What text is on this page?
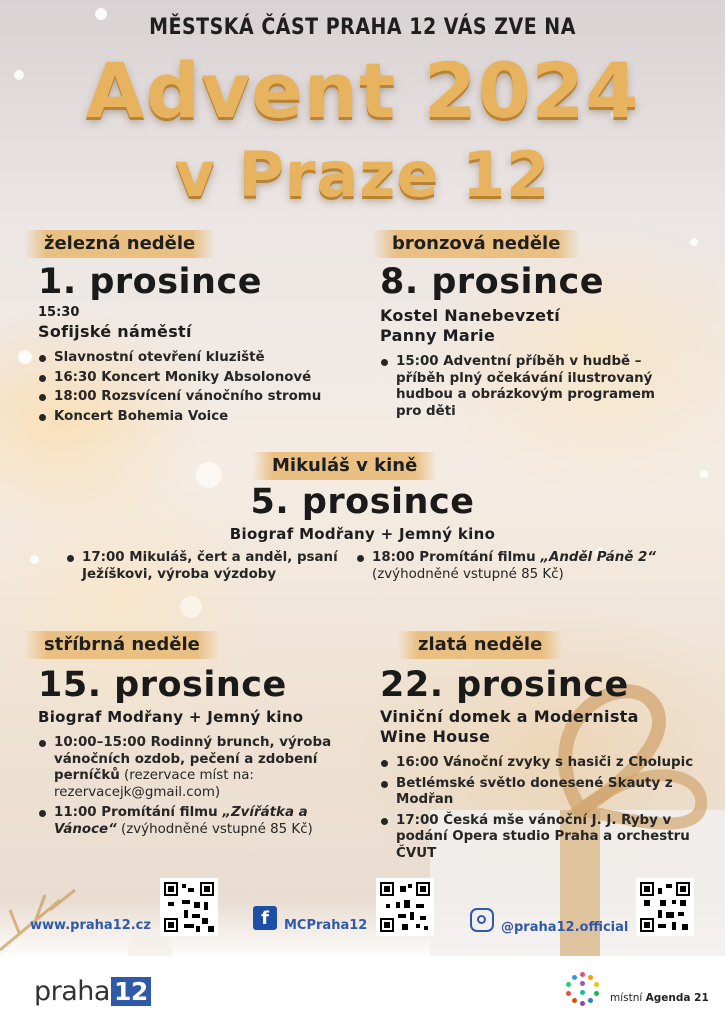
MĚSTSKÁ ČÁST PRAHA 12 VÁS ZVE NA
Advent 2024
v Praze 12
železná neděle
1. prosince
15:30
Sofijské náměstí
Slavnostní otevření kluziště
16:30 Koncert Moniky Absolonové
18:00 Rozsvícení vánočního stromu
Koncert Bohemia Voice
bronzová neděle
8. prosince
Kostel Nanebevzetí
Panny Marie
15:00 Adventní příběh v hudbě – příběh plný očekávání ilustrovaný hudbou a obrázkovým programem pro děti
Mikuláš v kině
5. prosince
Biograf Modřany + Jemný kino
17:00 Mikuláš, čert a anděl, psaní Ježíškovi, výroba výzdoby
18:00 Promítání filmu „Anděl Páně 2“
(zvýhodněné vstupné 85 Kč)
stříbrná neděle
15. prosince
Biograf Modřany + Jemný kino
10:00–15:00 Rodinný brunch, výroba vánočních ozdob, pečení a zdobení perníčků (rezervace míst na: rezervacejk@gmail.com)
11:00 Promítání filmu „Zvířátka a Vánoce“ (zvýhodněné vstupné 85 Kč)
zlatá neděle
22. prosince
Viniční domek a Modernista
Wine House
16:00 Vánoční zvyky s hasiči z Cholupic
Betlémské světlo donesené Skauty z Modřan
17:00 Česká mše vánoční J. J. Ryby v podání Opera studio Praha a orchestru ČVUT
www.praha12.cz	f	MCPraha12	@praha12.official
praha 12	místní Agenda 21
